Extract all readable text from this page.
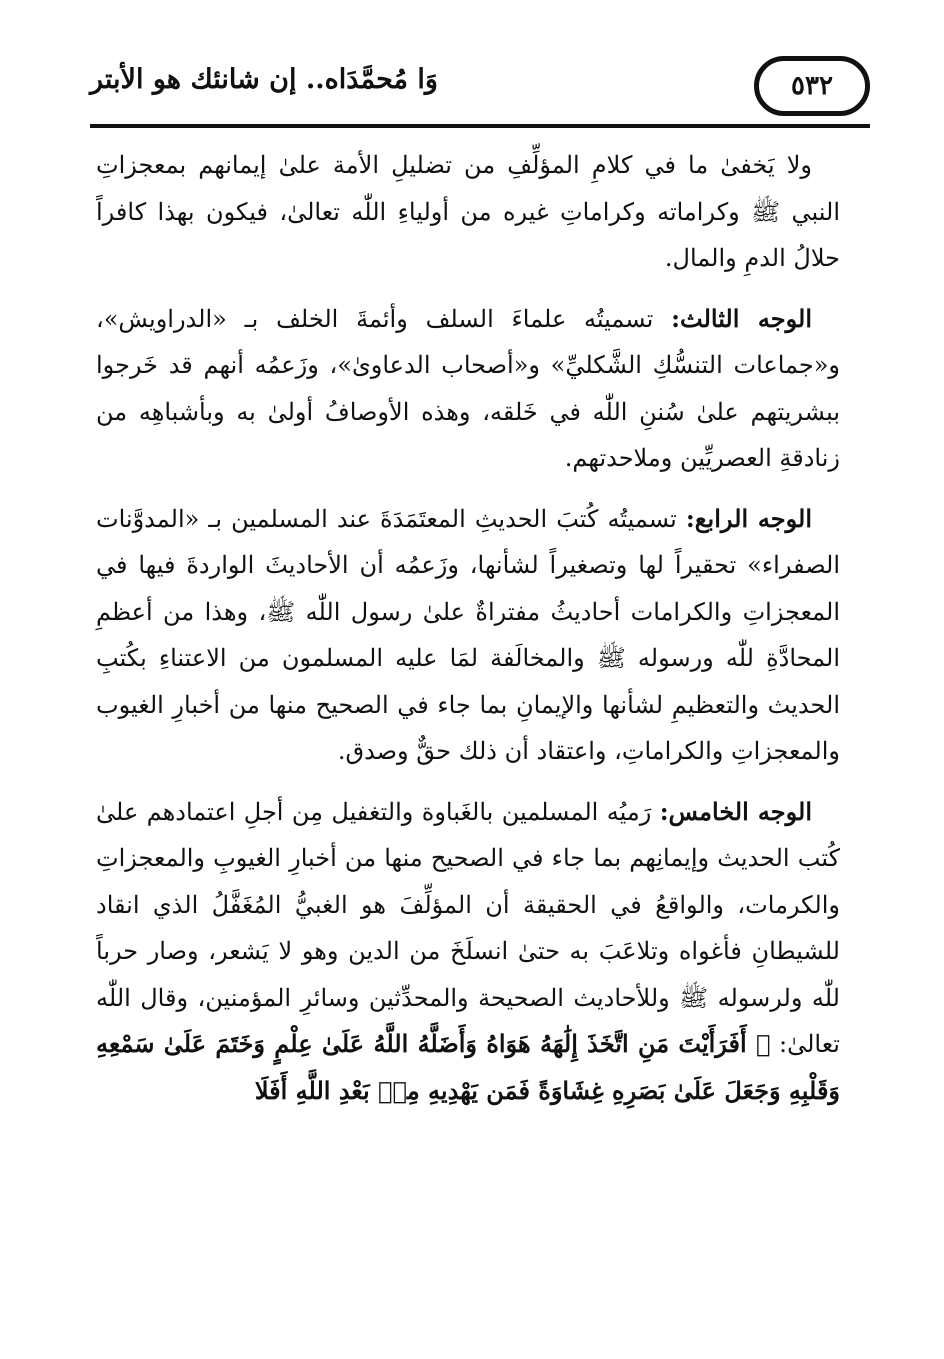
٥٣٢
وَا مُحمَّدَاه.. إن شانئك هو الأبتر

ولا يَخفىٰ ما في كلامِ المؤلِّفِ من تضليلِ الأمة علىٰ إيمانهم بمعجزاتِ النبي ﷺ وكراماته وكراماتِ غيره من أولياءِ اللّٰه تعالىٰ، فيكون بهذا كافراً حلالُ الدمِ والمال.

الوجه الثالث: تسميتُه علماءَ السلف وأئمةَ الخلف بـ «الدراويش»، و«جماعات التنسُّكِ الشَّكليِّ» و«أصحاب الدعاوىٰ»، وزَعمُه أنهم قد خَرجوا ببشريتهم علىٰ سُننِ اللّٰه في خَلقه، وهذه الأوصافُ أولىٰ به وبأشباهِه من زنادقةِ العصريِّين وملاحدتهم.

الوجه الرابع: تسميتُه كُتبَ الحديثِ المعتَمَدَةَ عند المسلمين بـ «المدوَّنات الصفراء» تحقيراً لها وتصغيراً لشأنها، وزَعمُه أن الأحاديثَ الواردةَ فيها في المعجزاتِ والكرامات أحاديثُ مفتراةٌ علىٰ رسول اللّٰه ﷺ، وهذا من أعظمِ المحادَّةِ للّٰه ورسوله ﷺ والمخالَفة لمَا عليه المسلمون من الاعتناءِ بكُتبِ الحديث والتعظيمِ لشأنها والإيمانِ بما جاء في الصحيح منها من أخبارِ الغيوب والمعجزاتِ والكراماتِ، واعتقاد أن ذلك حقٌّ وصدق.

الوجه الخامس: رَميُه المسلمين بالغَباوة والتغفيل مِن أجلِ اعتمادهم علىٰ كُتب الحديث وإيمانِهم بما جاء في الصحيح منها من أخبارِ الغيوبِ والمعجزاتِ والكرمات، والواقعُ في الحقيقة أن المؤلِّفَ هو الغبيُّ المُغَفَّلُ الذي انقاد للشيطانِ فأغواه وتلاعَبَ به حتىٰ انسلَخَ من الدين وهو لا يَشعر، وصار حرباً للّٰه ولرسوله ﷺ وللأحاديث الصحيحة والمحدِّثين وسائرِ المؤمنين، وقال اللّٰه تعالىٰ: ﴿ أَفَرَأَيْتَ مَنِ اتَّخَذَ إِلَٰهَهُ هَوَاهُ وَأَضَلَّهُ اللَّهُ عَلَىٰ عِلْمٍ وَخَتَمَ عَلَىٰ سَمْعِهِ وَقَلْبِهِ وَجَعَلَ عَلَىٰ بَصَرِهِ غِشَاوَةً فَمَن يَهْدِيهِ مِنۢ بَعْدِ اللَّهِ أَفَلَا
